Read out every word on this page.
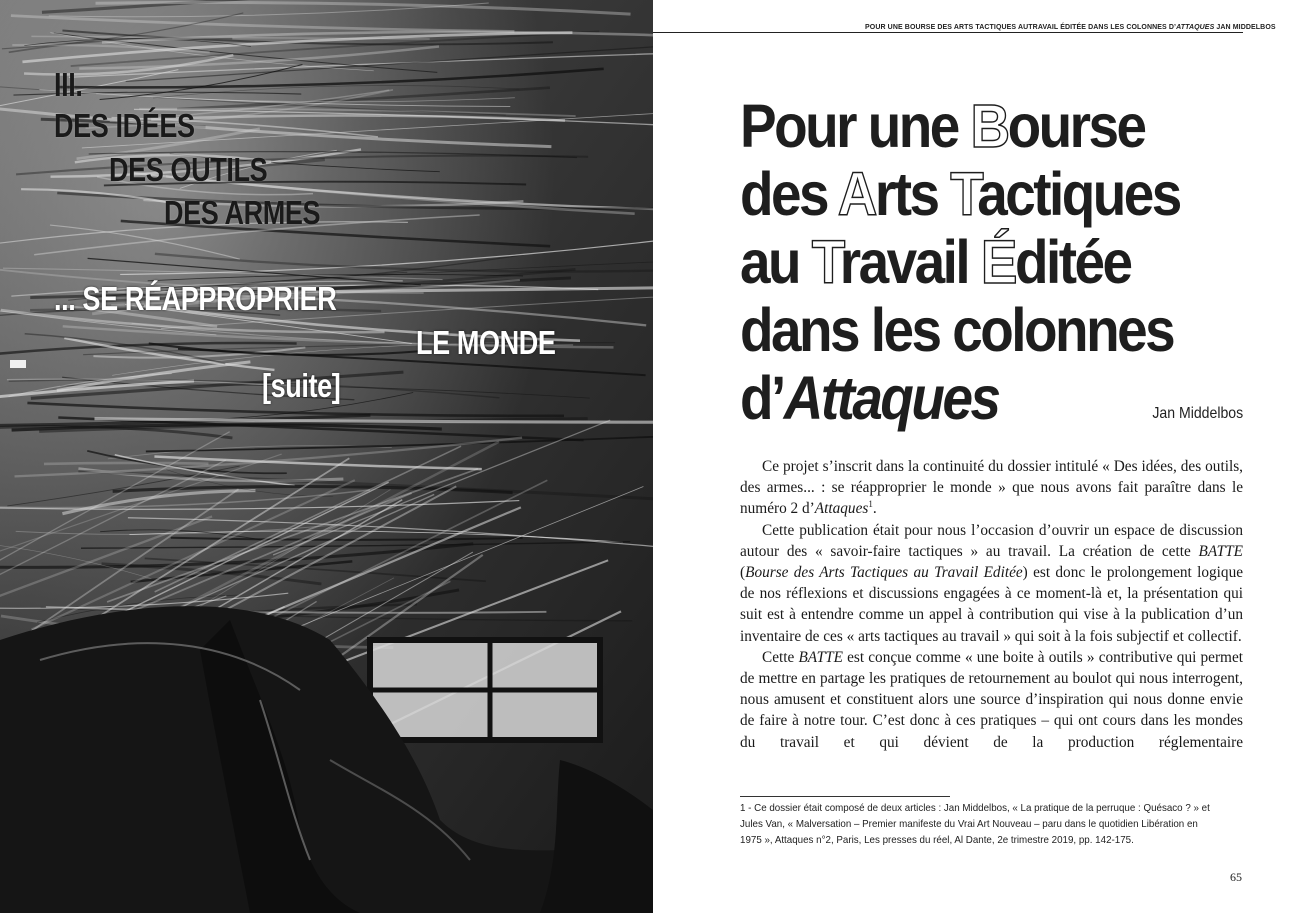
III.
DES IDÉES
DES OUTILS
DES ARMES
... SE RÉAPPROPRIER
LE MONDE
[suite]
POUR UNE BOURSE DES ARTS TACTIQUES AUTRAVAIL ÉDITÉE DANS LES COLONNES D’ATTAQUES JAN MIDDELBOS
Pour une Bourse
des Arts Tactiques
au Travail Éditée
dans les colonnes
d’Attaques	Jan Middelbos

Ce projet s’inscrit dans la continuité du dossier intitulé « Des idées, des outils, des armes... : se réapproprier le monde » que nous avons fait paraître dans le numéro 2 d’Attaques$^1$.

Cette publication était pour nous l’occasion d’ouvrir un espace de discussion autour des « savoir-faire tactiques » au travail. La création de cette BATTE (Bourse des Arts Tactiques au Travail Editée) est donc le prolongement logique de nos réflexions et discussions engagées à ce moment-là et, la présentation qui suit est à entendre comme un appel à contribution qui vise à la publication d’un inventaire de ces « arts tactiques au travail » qui soit à la fois subjectif et collectif.

Cette BATTE est conçue comme « une boite à outils » contributive qui permet de mettre en partage les pratiques de retournement au boulot qui nous interrogent, nous amusent et constituent alors une source d’inspiration qui nous donne envie de faire à notre tour. C’est donc à ces pratiques – qui ont cours dans les mondes du travail et qui dévient de la production réglementaire

1 - Ce dossier était composé de deux articles : Jan Middelbos, « La pratique de la perruque : Quésaco ? » et Jules Van, « Malversation – Premier manifeste du Vrai Art Nouveau – paru dans le quotidien Libération en 1975 », Attaques n°2, Paris, Les presses du réel, Al Dante, 2e trimestre 2019, pp. 142-175.
65
